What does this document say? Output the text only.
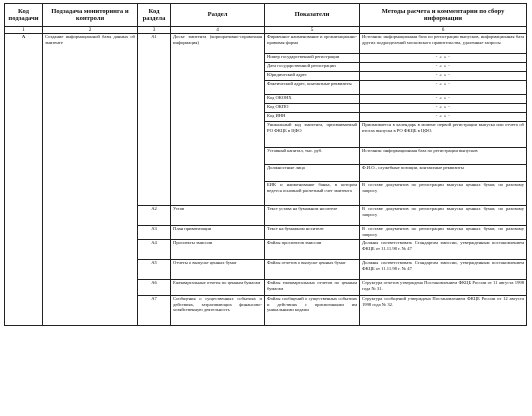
Код подзадачи	Подзадача мониторинга и контроля	Код раздела	Раздел	Показатели	Методы расчета и комментарии по сбору информации
1	2	3	4	5	6
А	Создание информационной базы данных об эмитенте	А1	Досье эмитента (корпоративно-справочная информация)	Фирменное наименование и организационно-правовая форма	Источник: информационная база по регистрации выпусков, информационная база других подразделений московского правительства, удаленные запросы
				Номер государственной регистрации	- « » -
				Дата государственной регистрации	- « » -
				Юридический адрес	- « » -
				Фактический адрес, контактные реквизиты	- « » -
				Код ОКОНХ	- « » -
				Код ОКПО	- « » -
				Код ИНН	- « » -
				Уникальный код эмитента, присваиваемый РО ФКЦБ в ЦФО	Присваивается в календарь в момент первой регистрации выпуска или отчета об итогах выпуска в РО ФКЦБ в ЦФО.
				Уставный капитал, тыс. руб.	Источник: информационная база по регистрации выпусков
				Должностные лица	Ф.И.О., служебные позиции, контактные реквизиты
				БИК и наименование банка, в котором ведется основной расчетный счет эмитента	В составе документов по регистрации выпуска ценных бумаг, по разовому запросу
		А2	Устав	Текст устава на бумажном носителе	В составе документов по регистрации выпуска ценных бумаг, по разовому запросу
		А3	План приватизации	Текст на бумажном носителе	В составе документов по регистрации выпуска ценных бумаг, по разовому запросу
		А4	Проспекты эмиссии	Файлы проспектов эмиссии	Должны соответствовать Стандартам эмиссии, утвержденным постановлением ФКЦБ от 11.11.98 г. № 47
		А5	Отчеты о выпуске ценных бумаг	Файлы отчетов о выпуске ценных бумаг	Должны соответствовать Стандартам эмиссии, утвержденным постановлением ФКЦБ от 11.11.98 г. № 47
		А6	Ежеквартальные отчеты по ценным бумагам	Файлы ежеквартальных отчетов по ценным бумагам	Структура отчетов утверждена Постановлением ФКЦБ России от 11 августа 1998 года № 31.
		А7	Сообщения о существенных событиях и действиях, затрагивающих финансово-хозяйственную деятельность	Файлы сообщений о существенных событиях и действиях с присвоенными им уникальными кодами	Структура сообщений утверждена Постановлением ФКЦБ России от 12 августа 1998 года № 32.
